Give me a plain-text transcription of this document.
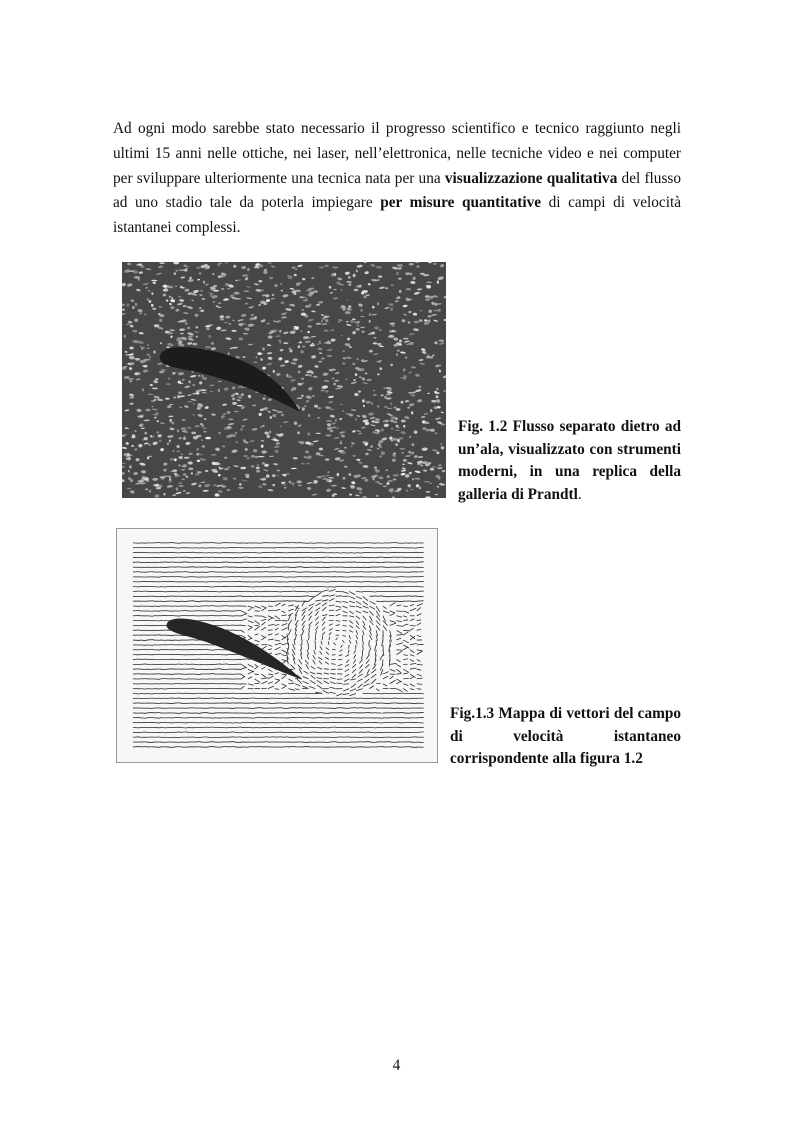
Ad ogni modo sarebbe stato necessario il progresso scientifico e tecnico raggiunto negli ultimi 15 anni nelle ottiche, nei laser, nell’elettronica, nelle tecniche video e nei computer per sviluppare ulteriormente una tecnica nata per una visualizzazione qualitativa del flusso ad uno stadio tale da poterla impiegare per misure quantitative di campi di velocità istantanei complessi.

Fig. 1.2 Flusso separato dietro ad un’ala, visualizzato con strumenti moderni, in una replica della galleria di Prandtl.

Fig.1.3 Mappa di vettori del campo di velocità istantaneo corrispondente alla figura 1.2

4
